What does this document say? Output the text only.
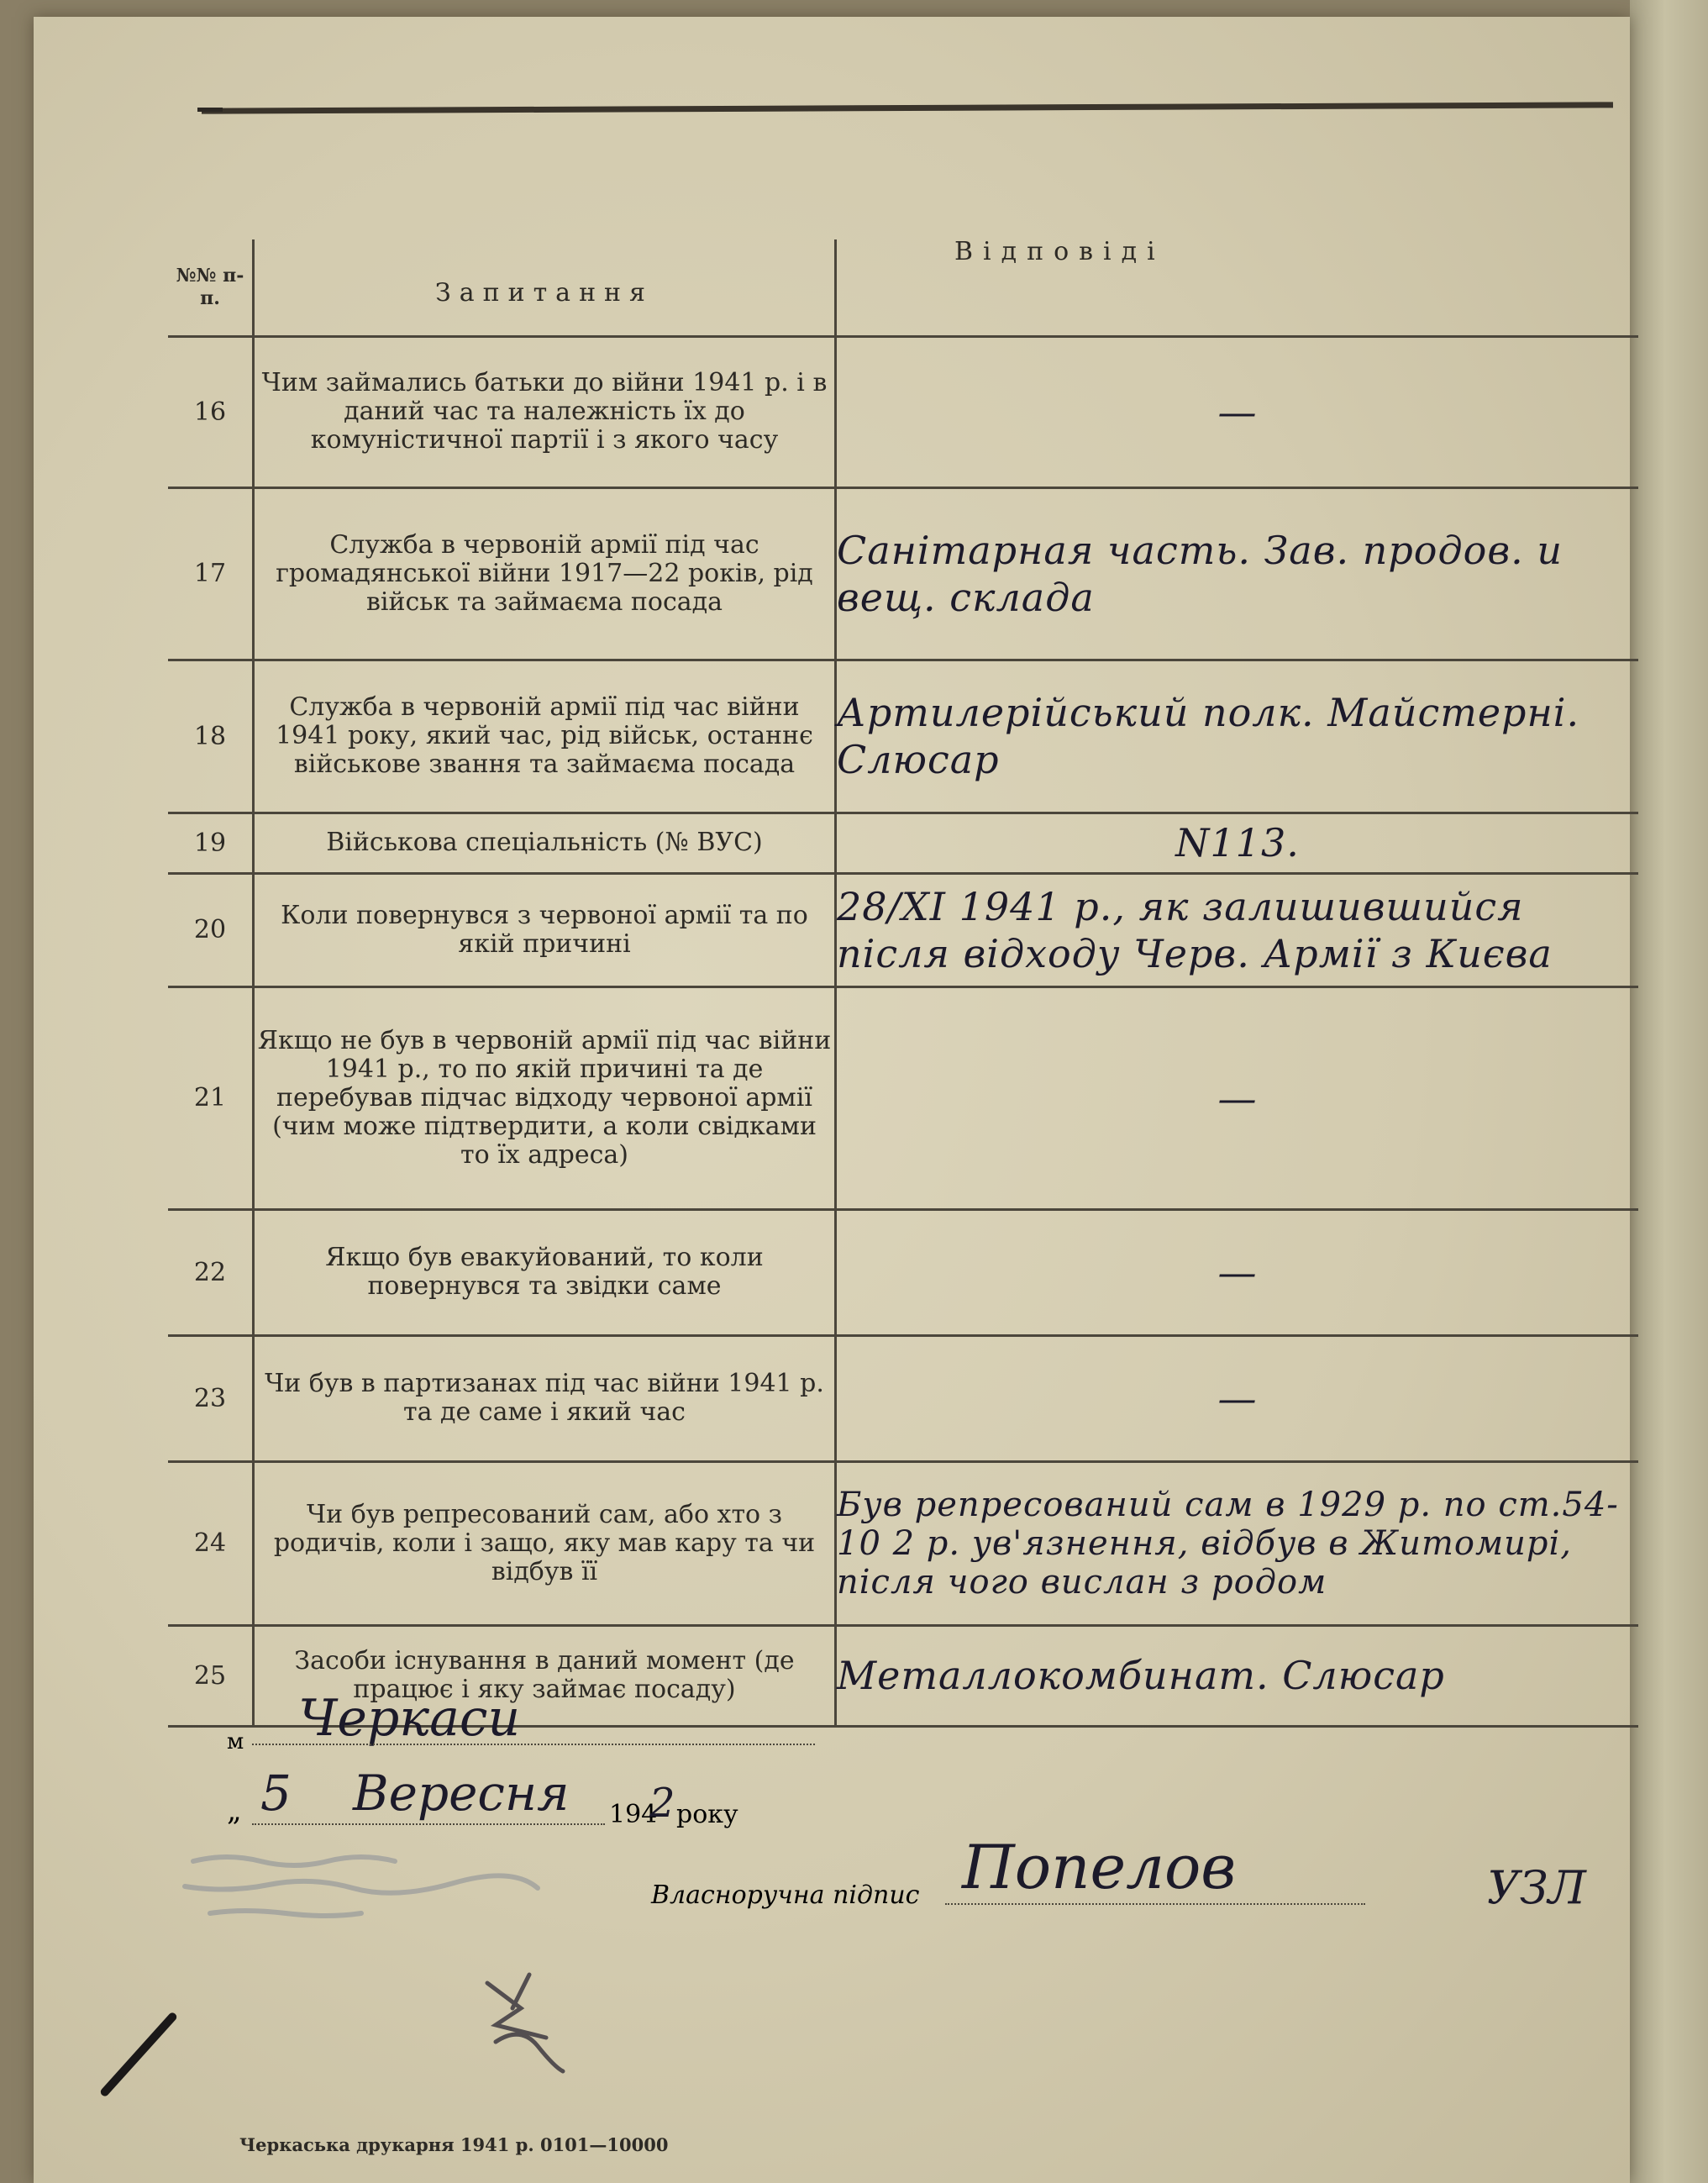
№№ п-п.	Запитання	Відповіді

16	Чим займались батьки до війни 1941 р. і в даний час та належність їх до комуністичної партії і з якого часу	—
17	Служба в червоній армії під час громадянської війни 1917—22 років, рід військ та займаєма посада	Санітарная часть. Зав. продов. и вещ. склада
18	Служба в червоній армії під час війни 1941 року, який час, рід військ, останнє військове звання та займаєма посада	Артилерійський полк. Майстерні. Слюсар
19	Військова спеціальність (№ ВУС)	N113.
20	Коли повернувся з червоної армії та по якій причині	28/XI 1941 р., як залишившийся після відходу Черв. Армії з Києва
21	Якщо не був в червоній армії під час війни 1941 р., то по якій причині та де перебував підчас відходу червоної армії (чим може підтвердити, а коли свідками то їх адреса)	—
22	Якщо був евакуйований, то коли повернувся та звідки саме	—
23	Чи був в партизанах під час війни 1941 р. та де саме і який час	—
24	Чи був репресований сам, або хто з родичів, коли і защо, яку мав кару та чи відбув її	Був репресований сам в 1929 р. по ст.54-10 2 р. ув'язнення, відбув в Житомирі, після чого вислан з родом
25	Засоби існування в даний момент (де працює і яку займає посаду)	Металлокомбинат. Слюсар
м Черкаси
„ 5 Вересня 194
2 року
Власноручна підпис Попелов	УЗЛ
Черкаська друкарня 1941 р. 0101—10000
